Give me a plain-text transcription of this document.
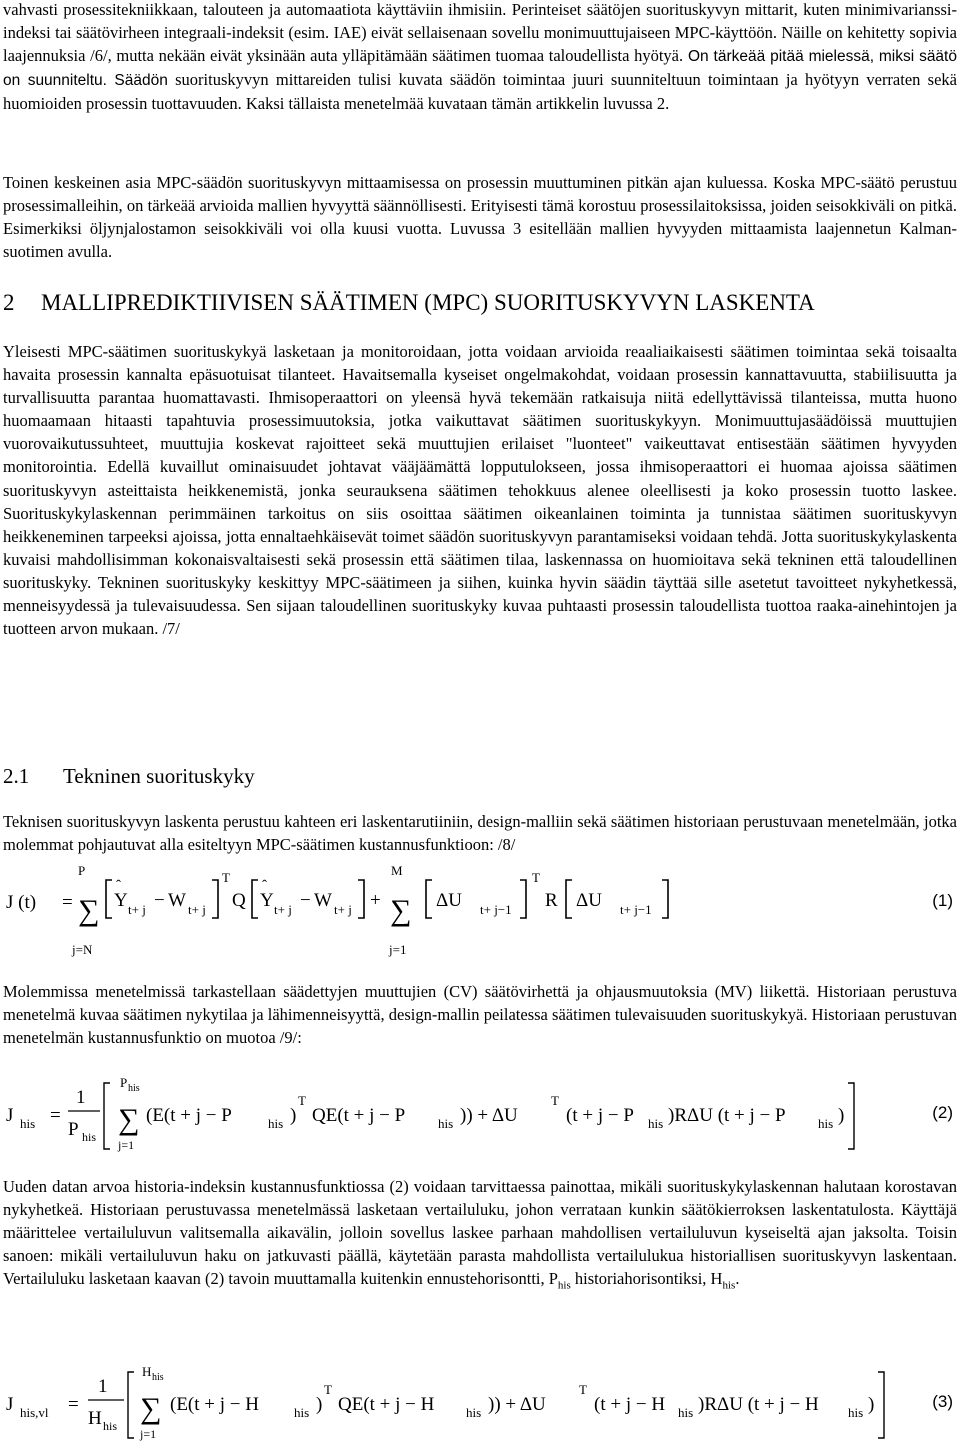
vahvasti prosessitekniikkaan, talouteen ja automaatiota käyttäviin ihmisiin. Perinteiset säätöjen suorituskyvyn mittarit, kuten minimivarianssi-indeksi tai säätövirheen integraali-indeksit (esim. IAE) eivät sellaisenaan sovellu monimuuttujaiseen MPC-käyttöön. Näille on kehitetty sopivia laajennuksia /6/, mutta nekään eivät yksinään auta ylläpitämään säätimen tuomaa taloudellista hyötyä. On tärkeää pitää mielessä, miksi säätö on suunniteltu. Säädön suorituskyvyn mittareiden tulisi kuvata säädön toimintaa juuri suunniteltuun toimintaan ja hyötyyn verraten sekä huomioiden prosessin tuottavuuden. Kaksi tällaista menetelmää kuvataan tämän artikkelin luvussa 2.

Toinen keskeinen asia MPC-säädön suorituskyvyn mittaamisessa on prosessin muuttuminen pitkän ajan kuluessa. Koska MPC-säätö perustuu prosessimalleihin, on tärkeää arvioida mallien hyvyyttä säännöllisesti. Erityisesti tämä korostuu prosessilaitoksissa, joiden seisokkiväli on pitkä. Esimerkiksi öljynjalostamon seisokkiväli voi olla kuusi vuotta. Luvussa 3 esitellään mallien hyvyyden mittaamista laajennetun Kalman-suotimen avulla.

2 MALLIPREDIKTIIVISEN SÄÄTIMEN (MPC) SUORITUSKYVYN LASKENTA

Yleisesti MPC-säätimen suorituskykyä lasketaan ja monitoroidaan, jotta voidaan arvioida reaaliaikaisesti säätimen toimintaa sekä toisaalta havaita prosessin kannalta epäsuotuisat tilanteet. Havaitsemalla kyseiset ongelmakohdat, voidaan prosessin kannattavuutta, stabiilisuutta ja turvallisuutta parantaa huomattavasti. Ihmisoperaattori on yleensä hyvä tekemään ratkaisuja niitä edellyttävissä tilanteissa, mutta huono huomaamaan hitaasti tapahtuvia prosessimuutoksia, jotka vaikuttavat säätimen suorituskykyyn. Monimuuttujasäädöissä muuttujien vuorovaikutussuhteet, muuttujia koskevat rajoitteet sekä muuttujien erilaiset "luonteet" vaikeuttavat entisestään säätimen hyvyyden monitorointia. Edellä kuvaillut ominaisuudet johtavat vääjäämättä lopputulokseen, jossa ihmisoperaattori ei huomaa ajoissa säätimen suorituskyvyn asteittaista heikkenemistä, jonka seurauksena säätimen tehokkuus alenee oleellisesti ja koko prosessin tuotto laskee. Suorituskykylaskennan perimmäinen tarkoitus on siis osoittaa säätimen oikeanlainen toiminta ja tunnistaa säätimen suorituskyvyn heikkeneminen tarpeeksi ajoissa, jotta ennaltaehkäisevät toimet säädön suorituskyvyn parantamiseksi voidaan tehdä. Jotta suorituskykylaskenta kuvaisi mahdollisimman kokonaisvaltaisesti sekä prosessin että säätimen tilaa, laskennassa on huomioitava sekä tekninen että taloudellinen suorituskyky. Tekninen suorituskyky keskittyy MPC-säätimeen ja siihen, kuinka hyvin säädin täyttää sille asetetut tavoitteet nykyhetkessä, menneisyydessä ja tulevaisuudessa. Sen sijaan taloudellinen suorituskyky kuvaa puhtaasti prosessin taloudellista tuottoa raaka-ainehintojen ja tuotteen arvon mukaan. /7/

2.1 Tekninen suorituskyky

Teknisen suorituskyvyn laskenta perustuu kahteen eri laskentarutiiniin, design-malliin sekä säätimen historiaan perustuvaan menetelmään, jotka molemmat pohjautuvat alla esiteltyyn MPC-säätimen kustannusfunktioon: /8/

J (t) =
P
∑
j=N
Y
ˆ
t+ j − W t+ j
T
Q Y
ˆ
t+ j − W t+ j +
M
∑
j=1
ΔU t+ j−1
T
R ΔU t+ j−1	(1)

Molemmissa menetelmissä tarkastellaan säädettyjen muuttujien (CV) säätövirhettä ja ohjausmuutoksia (MV) liikettä. Historiaan perustuva menetelmä kuvaa säätimen nykytilaa ja lähimenneisyyttä, design-mallin peilatessa säätimen tulevaisuuden suorituskykyä. Historiaan perustuvan menetelmän kustannusfunktio on muotoa /9/:

J his =
1
P his
P his
∑
j=1
(E(t + j − P	his )
T
QE(t + j − P	his )) + ΔU
T
(t + j − P his )RΔU (t + j − P his )	(2)

Uuden datan arvoa historia-indeksin kustannusfunktiossa (2) voidaan tarvittaessa painottaa, mikäli suorituskykylaskennan halutaan korostavan nykyhetkeä. Historiaan perustuvassa menetelmässä lasketaan vertailuluku, johon verrataan kunkin säätökierroksen laskentatulosta. Käyttäjä määrittelee vertailuluvun valitsemalla aikavälin, jolloin sovellus laskee parhaan mahdollisen vertailuluvun kyseiseltä ajan jaksolta. Toisin sanoen: mikäli vertailuluvun haku on jatkuvasti päällä, käytetään parasta mahdollista vertailulukua historiallisen suorituskyvyn laskentaan. Vertailuluku lasketaan kaavan (2) tavoin muuttamalla kuitenkin ennustehorisontti, $P_{his}$ historiahorisontiksi, $H_{his}$.

J his,vl =
1
H his
H his
∑
j=1
(E(t + j − H	his )
T
QE(t + j − H his )) + ΔU
T
(t + j − H his )RΔU (t + j − H his )	(3)
